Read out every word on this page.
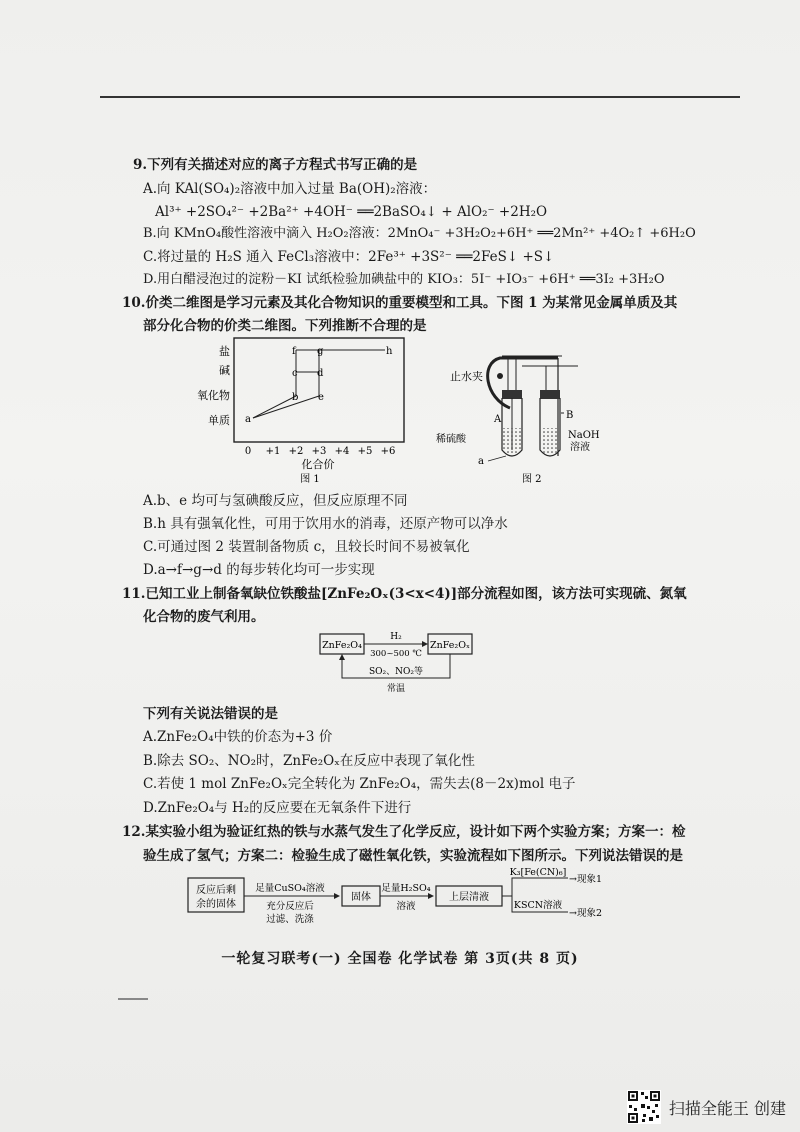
9.下列有关描述对应的离子方程式书写正确的是
A.向 KAl(SO₄)₂溶液中加入过量 Ba(OH)₂溶液：
Al³⁺ +2SO₄²⁻ +2Ba²⁺ +4OH⁻ ══2BaSO₄↓ + AlO₂⁻ +2H₂O
B.向 KMnO₄酸性溶液中滴入 H₂O₂溶液：2MnO₄⁻ +3H₂O₂+6H⁺ ══2Mn²⁺ +4O₂↑ +6H₂O
C.将过量的 H₂S 通入 FeCl₃溶液中：2Fe³⁺ +3S²⁻ ══2FeS↓ +S↓
D.用白醋浸泡过的淀粉－KI 试纸检验加碘盐中的 KIO₃：5I⁻ +IO₃⁻ +6H⁺ ══3I₂ +3H₂O
10.价类二维图是学习元素及其化合物知识的重要模型和工具。下图 1 为某常见金属单质及其
部分化合物的价类二维图。下列推断不合理的是
盐
碱
氧化物
单质
0 +1 +2 +3 +4 +5 +6
化合价
图 1
a
b
c d
e
f g	h
止水夹
A	B
稀硫酸
a
NaOH
溶液
图 2
A.b、e 均可与氢碘酸反应，但反应原理不同
B.h 具有强氧化性，可用于饮用水的消毒，还原产物可以净水
C.可通过图 2 装置制备物质 c，且较长时间不易被氧化
D.a→f→g→d 的每步转化均可一步实现
11.已知工业上制备氧缺位铁酸盐[ZnFe₂Oₓ(3<x<4)]部分流程如图，该方法可实现硫、氮氧
化合物的废气利用。
ZnFe₂O₄	ZnFe₂Oₓ
H₂
300~500 ℃
SO₂、NO₂等
常温
下列有关说法错误的是
A.ZnFe₂O₄中铁的价态为+3 价
B.除去 SO₂、NO₂时，ZnFe₂Oₓ在反应中表现了氧化性
C.若使 1 mol ZnFe₂Oₓ完全转化为 ZnFe₂O₄，需失去(8－2x)mol 电子
D.ZnFe₂O₄与 H₂的反应要在无氧条件下进行
12.某实验小组为验证红热的铁与水蒸气发生了化学反应，设计如下两个实验方案；方案一：检
验生成了氢气；方案二：检验生成了磁性氧化铁，实验流程如下图所示。下列说法错误的是
反应后剩
余的固体
足量CuSO₄溶液
充分反应后
过滤、洗涤
固体
足量H₂SO₄
溶液
上层清液
K₃[Fe(CN)₆]
→现象1
KSCN溶液
→现象2
一轮复习联考(一) 全国卷 化学试卷 第 3页(共 8 页)
扫描全能王 创建
